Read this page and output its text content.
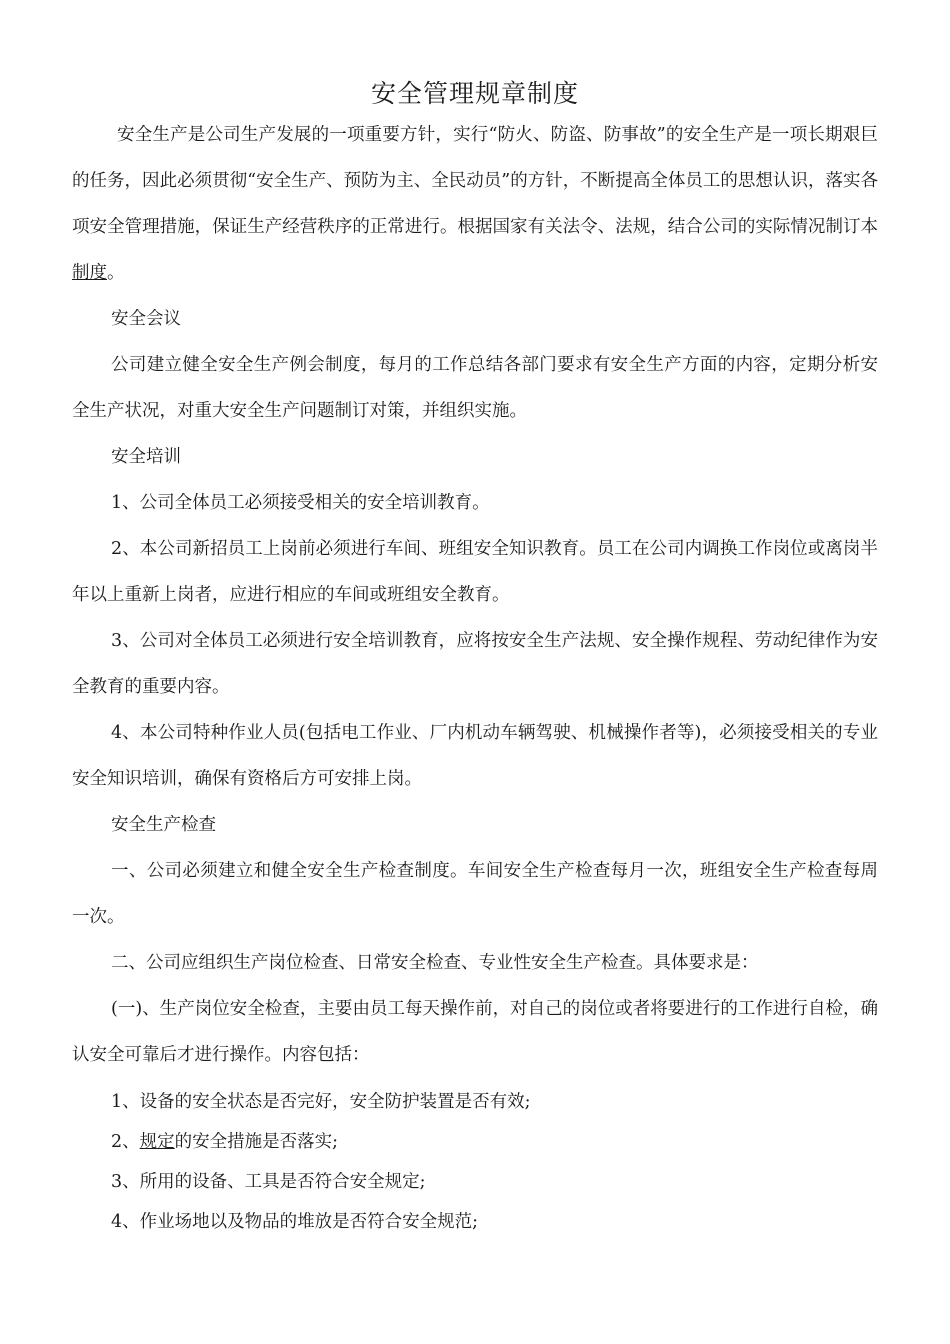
安全管理规章制度

安全生产是公司生产发展的一项重要方针，实行“防火、防盗、防事故”的安全生产是一项长期艰巨的任务，因此必须贯彻“安全生产、预防为主、全民动员”的方针，不断提高全体员工的思想认识，落实各项安全管理措施，保证生产经营秩序的正常进行。根据国家有关法令、法规，结合公司的实际情况制订本制度。

安全会议

公司建立健全安全生产例会制度，每月的工作总结各部门要求有安全生产方面的内容，定期分析安全生产状况，对重大安全生产问题制订对策，并组织实施。

安全培训

1、公司全体员工必须接受相关的安全培训教育。

2、本公司新招员工上岗前必须进行车间、班组安全知识教育。员工在公司内调换工作岗位或离岗半年以上重新上岗者，应进行相应的车间或班组安全教育。

3、公司对全体员工必须进行安全培训教育，应将按安全生产法规、安全操作规程、劳动纪律作为安全教育的重要内容。

4、本公司特种作业人员(包括电工作业、厂内机动车辆驾驶、机械操作者等)，必须接受相关的专业安全知识培训，确保有资格后方可安排上岗。

安全生产检查

一、公司必须建立和健全安全生产检查制度。车间安全生产检查每月一次，班组安全生产检查每周一次。

二、公司应组织生产岗位检查、日常安全检查、专业性安全生产检查。具体要求是：

(一)、生产岗位安全检查，主要由员工每天操作前，对自己的岗位或者将要进行的工作进行自检，确认安全可靠后才进行操作。内容包括：

1、设备的安全状态是否完好，安全防护装置是否有效;

2、规定的安全措施是否落实;

3、所用的设备、工具是否符合安全规定;

4、作业场地以及物品的堆放是否符合安全规范;
